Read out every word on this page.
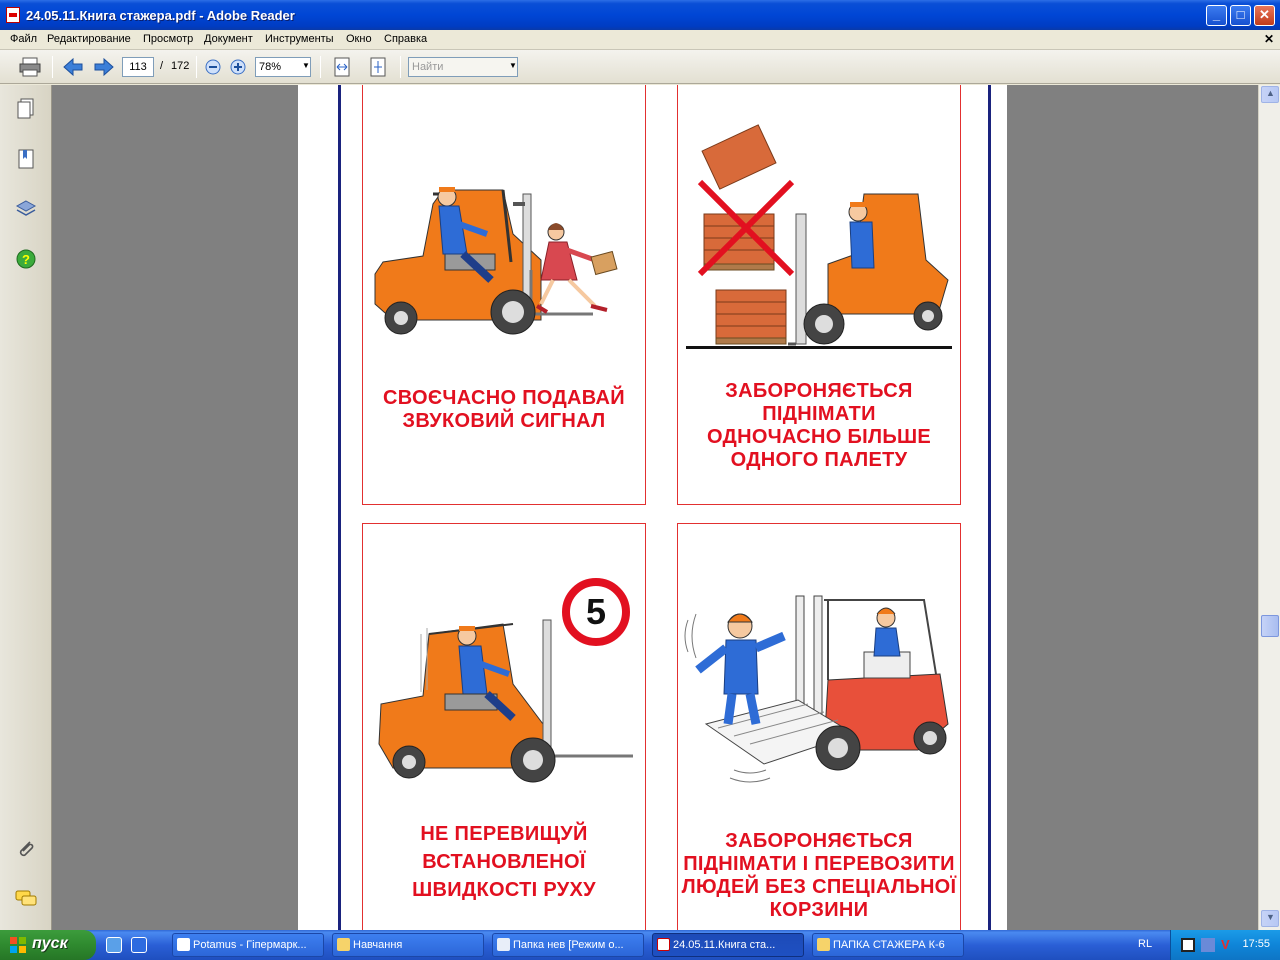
24.05.11.Книга стажера.pdf - Adobe Reader	_	□	✕
Файл Редактирование Просмотр Документ Инструменты Окно Справка	✕
113	/ 172	78%	▼	Найти	▼
?
СВОЄЧАСНО ПОДАВАЙ
ЗВУКОВИЙ СИГНАЛ
ЗАБОРОНЯЄТЬСЯ
ПІДНІМАТИ
ОДНОЧАСНО БІЛЬШЕ
ОДНОГО ПАЛЕТУ
5
НЕ ПЕРЕВИЩУЙ
ВСТАНОВЛЕНОЇ
ШВИДКОСТІ РУХУ
ЗАБОРОНЯЄТЬСЯ
ПІДНІМАТИ І ПЕРЕВОЗИТИ
ЛЮДЕЙ БЕЗ СПЕЦІАЛЬНОЇ
КОРЗИНИ
▲
▼
пуск	Potamus - Гіпермарк...	Навчання	Папка нев [Режим о...	24.05.11.Книга ста...	ПАПКА СТАЖЕРА К-6	RL	V 17:55
